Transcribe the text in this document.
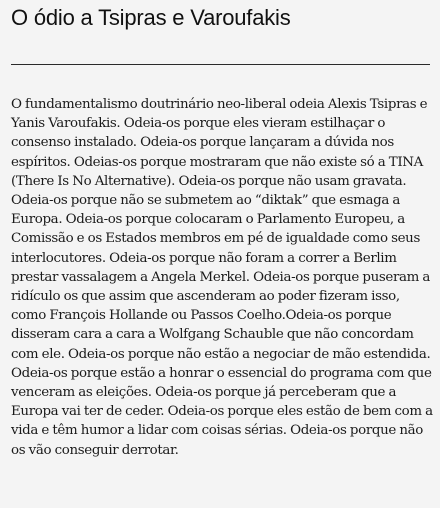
O ódio a Tsipras e Varoufakis

O fundamentalismo doutrinário neo-liberal odeia Alexis Tsipras e Yanis Varoufakis. Odeia-os porque eles vieram estilhaçar o consenso instalado. Odeia-os porque lançaram a dúvida nos espíritos. Odeias-os porque mostraram que não existe só a TINA (There Is No Alternative). Odeia-os porque não usam gravata. Odeia-os porque não se submetem ao “diktak” que esmaga a Europa. Odeia-os porque colocaram o Parlamento Europeu, a Comissão e os Estados membros em pé de igualdade como seus interlocutores. Odeia-os porque não foram a correr a Berlim prestar vassalagem a Angela Merkel. Odeia-os porque puseram a ridículo os que assim que ascenderam ao poder fizeram isso, como François Hollande ou Passos Coelho.Odeia-os porque disseram cara a cara a Wolfgang Schauble que não concordam com ele. Odeia-os porque não estão a negociar de mão estendida. Odeia-os porque estão a honrar o essencial do programa com que venceram as eleições. Odeia-os porque já perceberam que a Europa vai ter de ceder. Odeia-os porque eles estão de bem com a vida e têm humor a lidar com coisas sérias. Odeia-os porque não os vão conseguir derrotar.
